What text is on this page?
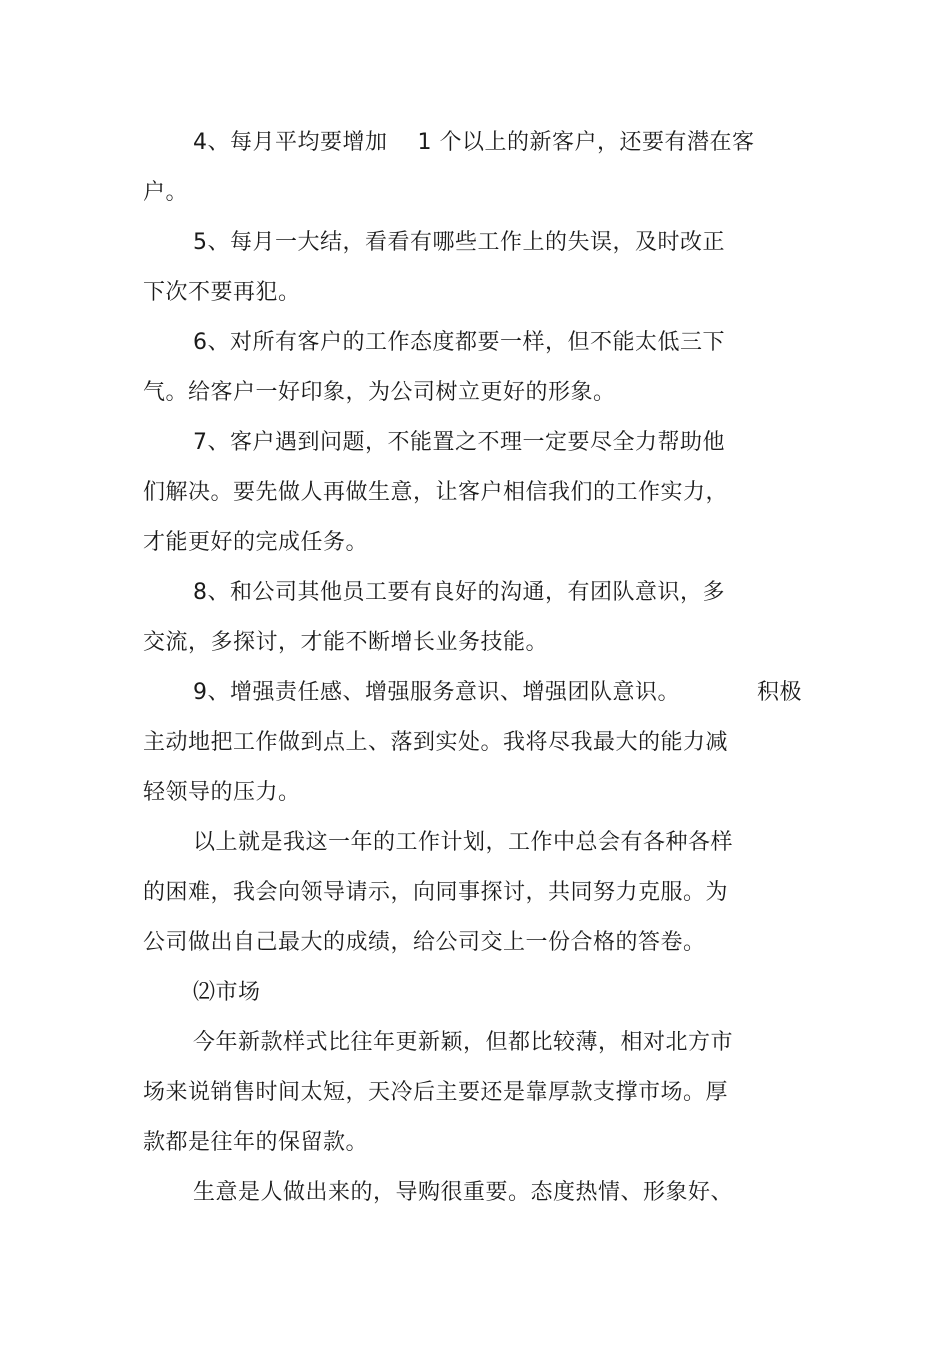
4、每月平均要增加　 1 个以上的新客户，还要有潜在客
户。
5、每月一大结，看看有哪些工作上的失误，及时改正
下次不要再犯。
6、对所有客户的工作态度都要一样，但不能太低三下
气。给客户一好印象，为公司树立更好的形象。
7、客户遇到问题，不能置之不理一定要尽全力帮助他
们解决。要先做人再做生意，让客户相信我们的工作实力，
才能更好的完成任务。
8、和公司其他员工要有良好的沟通，有团队意识，多
交流，多探讨，才能不断增长业务技能。
9、增强责任感、增强服务意识、增强团队意识。	积极
主动地把工作做到点上、落到实处。我将尽我最大的能力减
轻领导的压力。
以上就是我这一年的工作计划，工作中总会有各种各样
的困难，我会向领导请示，向同事探讨，共同努力克服。为
公司做出自己最大的成绩，给公司交上一份合格的答卷。
⑵市场
今年新款样式比往年更新颖，但都比较薄，相对北方市
场来说销售时间太短，天冷后主要还是靠厚款支撑市场。厚
款都是往年的保留款。
生意是人做出来的，导购很重要。态度热情、形象好、
